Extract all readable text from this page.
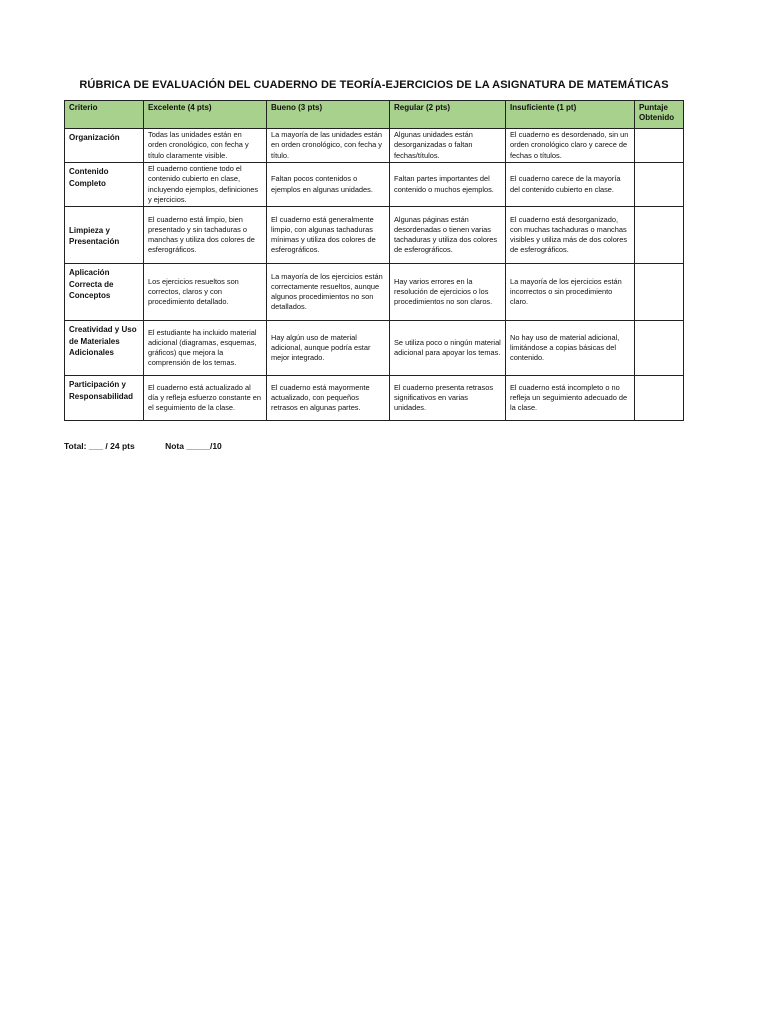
RÚBRICA DE EVALUACIÓN DEL CUADERNO DE TEORÍA-EJERCICIOS DE LA ASIGNATURA DE MATEMÁTICAS
Criterio	Excelente (4 pts)	Bueno (3 pts)	Regular (2 pts)	Insuficiente (1 pt)	Puntaje Obtenido
Organización	Todas las unidades están en orden cronológico, con fecha y título claramente visible.	La mayoría de las unidades están en orden cronológico, con fecha y título.	Algunas unidades están desorganizadas o faltan fechas/títulos.	El cuaderno es desordenado, sin un orden cronológico claro y carece de fechas o títulos.	
Contenido Completo	El cuaderno contiene todo el contenido cubierto en clase, incluyendo ejemplos, definiciones y ejercicios.	Faltan pocos contenidos o ejemplos en algunas unidades.	Faltan partes importantes del contenido o muchos ejemplos.	El cuaderno carece de la mayoría del contenido cubierto en clase.	
Limpieza y Presentación	El cuaderno está limpio, bien presentado y sin tachaduras o manchas y utiliza dos colores de esferográficos.	El cuaderno está generalmente limpio, con algunas tachaduras mínimas y utiliza dos colores de esferográficos.	Algunas páginas están desordenadas o tienen varias tachaduras y utiliza dos colores de esferográficos.	El cuaderno está desorganizado, con muchas tachaduras o manchas visibles y utiliza más de dos colores de esferográficos.	
Aplicación Correcta de Conceptos	Los ejercicios resueltos son correctos, claros y con procedimiento detallado.	La mayoría de los ejercicios están correctamente resueltos, aunque algunos procedimientos no son detallados.	Hay varios errores en la resolución de ejercicios o los procedimientos no son claros.	La mayoría de los ejercicios están incorrectos o sin procedimiento claro.	
Creatividad y Uso de Materiales Adicionales	El estudiante ha incluido material adicional (diagramas, esquemas, gráficos) que mejora la comprensión de los temas.	Hay algún uso de material adicional, aunque podría estar mejor integrado.	Se utiliza poco o ningún material adicional para apoyar los temas.	No hay uso de material adicional, limitándose a copias básicas del contenido.	
Participación y Responsabilidad	El cuaderno está actualizado al día y refleja esfuerzo constante en el seguimiento de la clase.	El cuaderno está mayormente actualizado, con pequeños retrasos en algunas partes.	El cuaderno presenta retrasos significativos en varias unidades.	El cuaderno está incompleto o no refleja un seguimiento adecuado de la clase.	
Total: ___ / 24 pts	Nota _____/10
